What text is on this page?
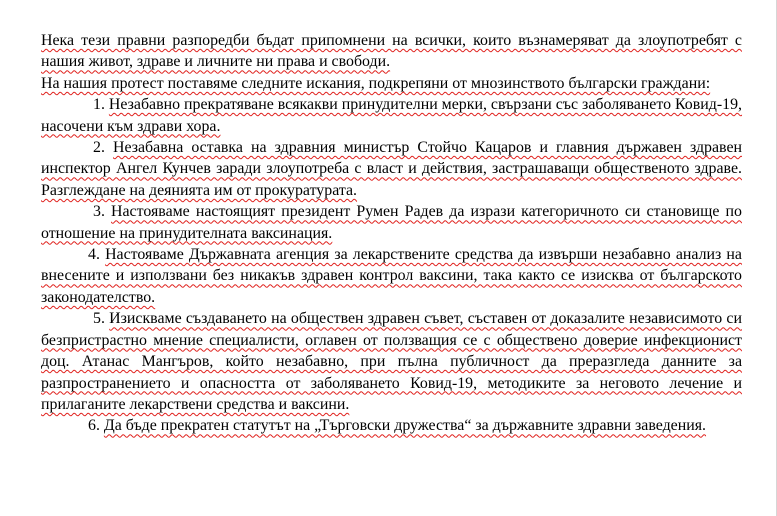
Нека тези правни разпоредби бъдат припомнени на всички, които възнамеряват да злоупотребят с нашия живот, здраве и личните ни права и свободи.

На нашия протест поставяме следните искания, подкрепяни от мнозинството български граждани:

1. Незабавно прекратяване всякакви принудителни мерки, свързани със заболяването Ковид-19, насочени към здрави хора.

2. Незабавна оставка на здравния министър Стойчо Кацаров и главния държавен здравен инспектор Ангел Кунчев заради злоупотреба с власт и действия, застрашаващи общественото здраве. Разглеждане на деянията им от прокуратурата.

3. Настояваме настоящият президент Румен Радев да изрази категоричното си становище по отношение на принудителната ваксинация.

4. Настояваме Държавната агенция за лекарствените средства да извърши незабавно анализ на внесените и използвани без никакъв здравен контрол ваксини, така както се изисква от българското законодателство.

5. Изискваме създаването на обществен здравен съвет, съставен от доказалите независимото си безпристрастно мнение специалисти, оглавен от ползващия се с обществено доверие инфекционист доц. Атанас Мангъров, който незабавно, при пълна публичност да преразгледа данните за разпространението и опасността от заболяването Ковид-19, методиките за неговото лечение и прилаганите лекарствени средства и ваксини.

6. Да бъде прекратен статутът на „Търговски дружества“ за държавните здравни заведения.
